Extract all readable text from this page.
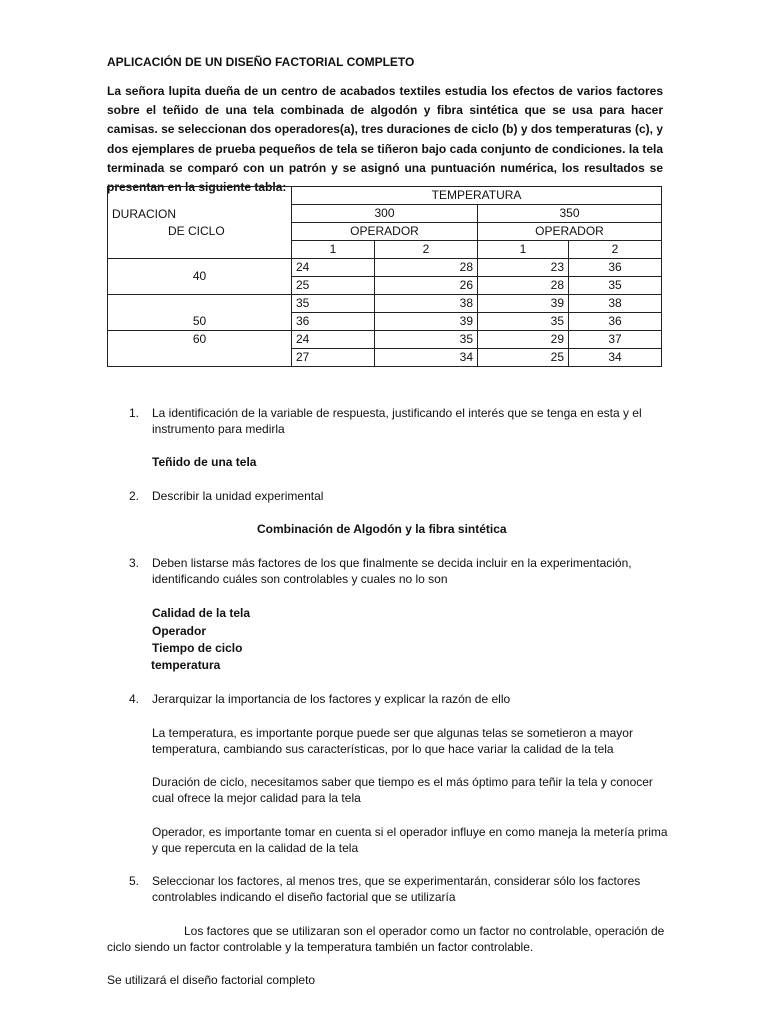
APLICACIÓN DE UN DISEÑO FACTORIAL COMPLETO
La señora lupita dueña de un centro de acabados textiles estudia los efectos de varios factores sobre el teñido de una tela combinada de algodón y fibra sintética que se usa para hacer camisas. se seleccionan dos operadores(a), tres duraciones de ciclo (b) y dos temperaturas (c), y dos ejemplares de prueba pequeños de tela se tiñeron bajo cada conjunto de condiciones. la tela terminada se comparó con un patrón y se asignó una puntuación numérica, los resultados se presentan en la siguiente tabla:
DURACION
DE CICLO	TEMPERATURA			
	300		350	
	OPERADOR		OPERADOR	
	1	2	1	2
40	24	28	23	36
	25	26	28	35
50	35	38	39	38
	36	39	35	36
60	24	35	29	37
	27	34	25	34
1. La identificación de la variable de respuesta, justificando el interés que se tenga en esta y el instrumento para medirla
Teñido de una tela
2. Describir la unidad experimental
Combinación de Algodón y la fibra sintética
3. Deben listarse más factores de los que finalmente se decida incluir en la experimentación, identificando cuáles son controlables y cuales no lo son
Calidad de la tela
Operador
Tiempo de ciclo
temperatura
4. Jerarquizar la importancia de los factores y explicar la razón de ello
La temperatura, es importante porque puede ser que algunas telas se sometieron a mayor temperatura, cambiando sus características, por lo que hace variar la calidad de la tela
Duración de ciclo, necesitamos saber que tiempo es el más óptimo para teñir la tela y conocer cual ofrece la mejor calidad para la tela
Operador, es importante tomar en cuenta si el operador influye en como maneja la metería prima y que repercuta en la calidad de la tela
5. Seleccionar los factores, al menos tres, que se experimentarán, considerar sólo los factores controlables indicando el diseño factorial que se utilizaría
Los factores que se utilizaran son el operador como un factor no controlable, operación de ciclo siendo un factor controlable y la temperatura también un factor controlable.
Se utilizará el diseño factorial completo
